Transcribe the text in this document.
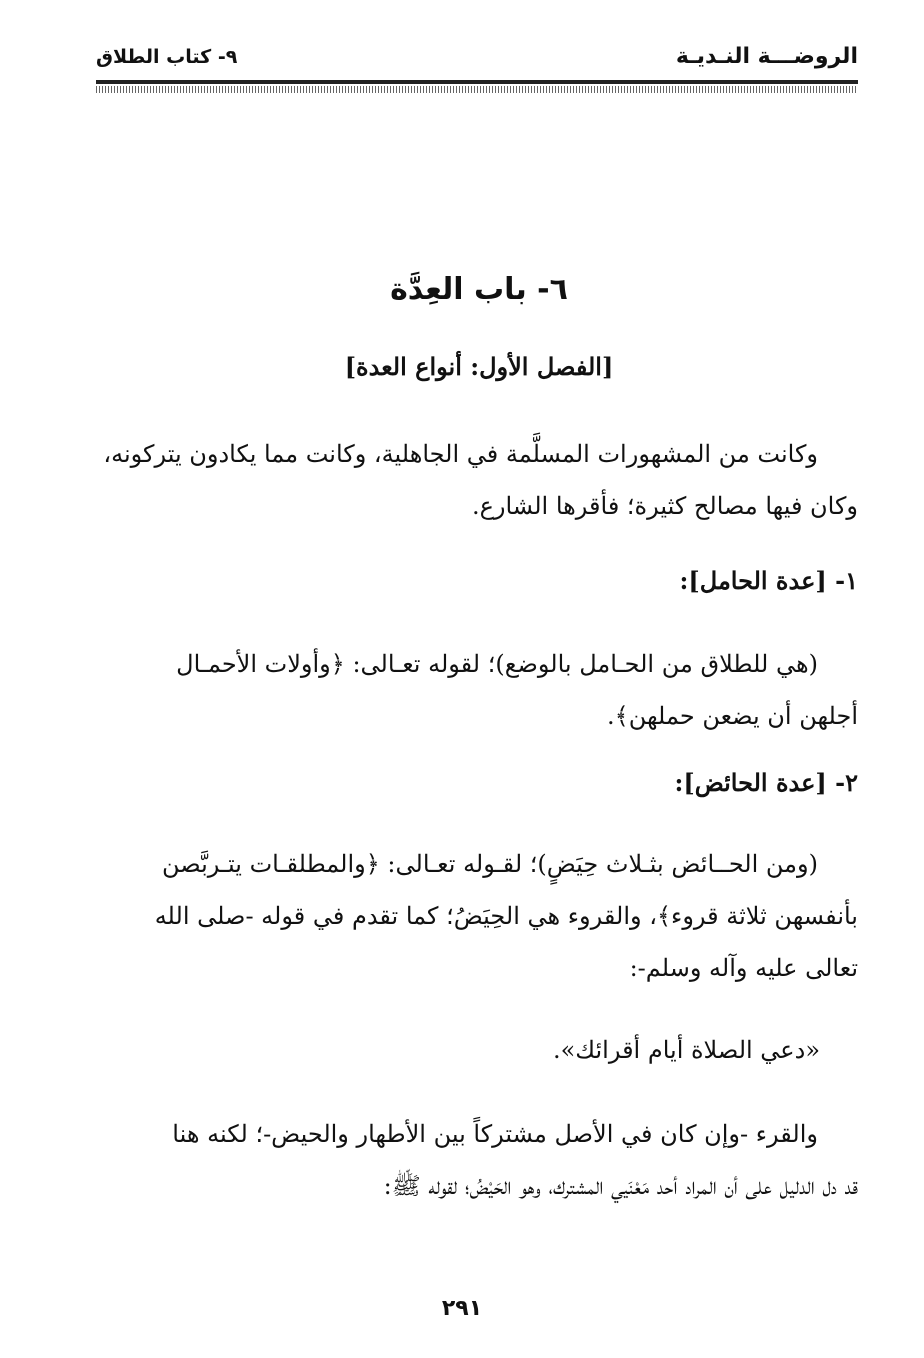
الروضـــة النـديـة
٩- كتاب الطلاق
٦- باب العِدَّة
[الفصل الأول: أنواع العدة]
وكانت من المشهورات المسلَّمة في الجاهلية، وكانت مما يكادون يتركونه،
وكان فيها مصالح كثيرة؛ فأقرها الشارع.
١- [عدة الحامل]:
(هي للطلاق من الحـامل بالوضع)؛ لقوله تعـالى: ﴿وأولات الأحمـال
أجلهن أن يضعن حملهن﴾.
٢- [عدة الحائض]:
(ومن الحــائض بثـلاث حِيَضٍ)؛ لقـوله تعـالى: ﴿والمطلقـات يتـربَّصن
بأنفسهن ثلاثة قروء﴾، والقروء هي الحِيَضُ؛ كما تقدم في قوله -صلى الله
تعالى عليه وآله وسلم-:
«دعي الصلاة أيام أقرائك».
والقرء -وإن كان في الأصل مشتركاً بين الأطهار والحيض-؛ لكنه هنا
قد دل الدليل على أن المراد أحد مَعْنَيي المشترك، وهو الحَيْضُ؛ لقوله ﷺ:
٢٩١
